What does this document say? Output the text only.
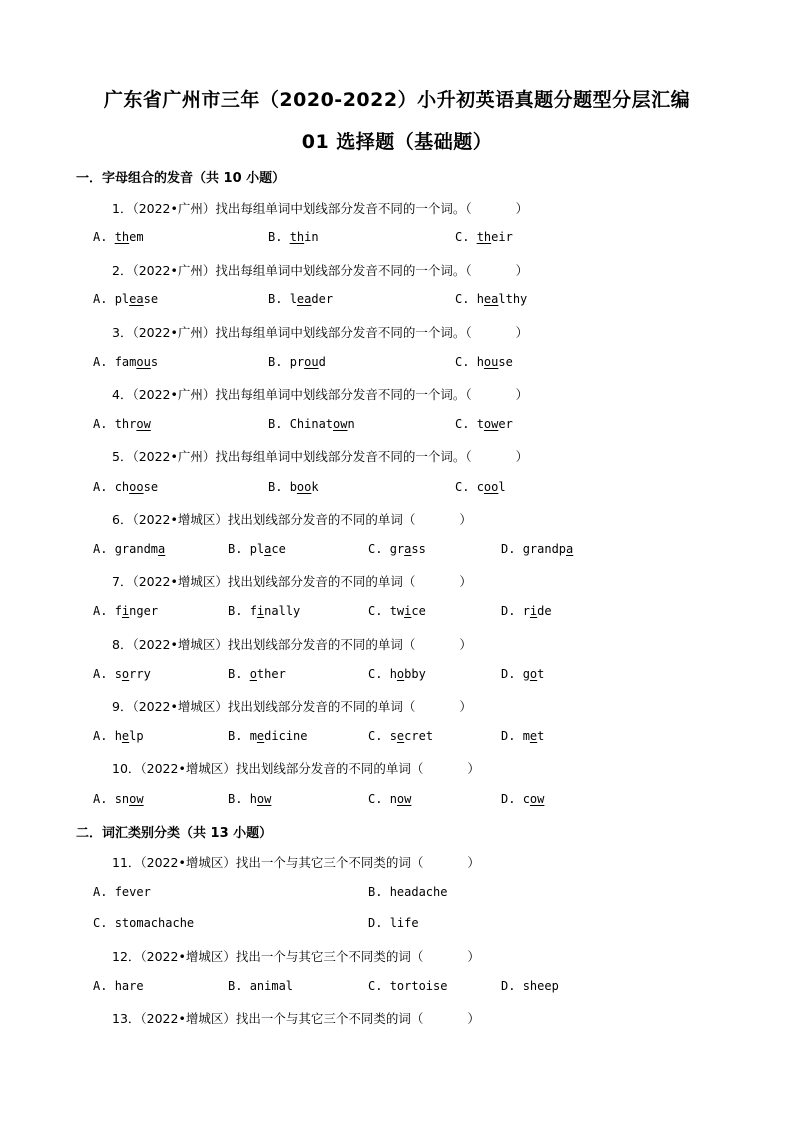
广东省广州市三年（2020-2022）小升初英语真题分题型分层汇编
01 选择题（基础题）
一．字母组合的发音（共 10 小题）
二．词汇类别分类（共 13 小题）
1．（2022•广州）找出每组单词中划线部分发音不同的一个词。（	）
A. them	B. thin	C. their
2．（2022•广州）找出每组单词中划线部分发音不同的一个词。（	）
A. please	B. leader	C. healthy
3．（2022•广州）找出每组单词中划线部分发音不同的一个词。（	）
A. famous	B. proud	C. house
4．（2022•广州）找出每组单词中划线部分发音不同的一个词。（	）
A. throw	B. Chinatown	C. tower
5．（2022•广州）找出每组单词中划线部分发音不同的一个词。（	）
A. choose	B. book	C. cool
6．（2022•增城区）找出划线部分发音的不同的单词（	）
A. grandma	B. place	C. grass	D. grandpa
7．（2022•增城区）找出划线部分发音的不同的单词（	）
A. finger	B. finally	C. twice	D. ride
8．（2022•增城区）找出划线部分发音的不同的单词（	）
A. sorry	B. other	C. hobby	D. got
9．（2022•增城区）找出划线部分发音的不同的单词（	）
A. help	B. medicine	C. secret	D. met
10．（2022•增城区）找出划线部分发音的不同的单词（	）
A. snow	B. how	C. now	D. cow
11．（2022•增城区）找出一个与其它三个不同类的词（	）
A. fever	B. headache
C. stomachache	D. life
12．（2022•增城区）找出一个与其它三个不同类的词（	）
A. hare	B. animal	C. tortoise	D. sheep
13．（2022•增城区）找出一个与其它三个不同类的词（	）
